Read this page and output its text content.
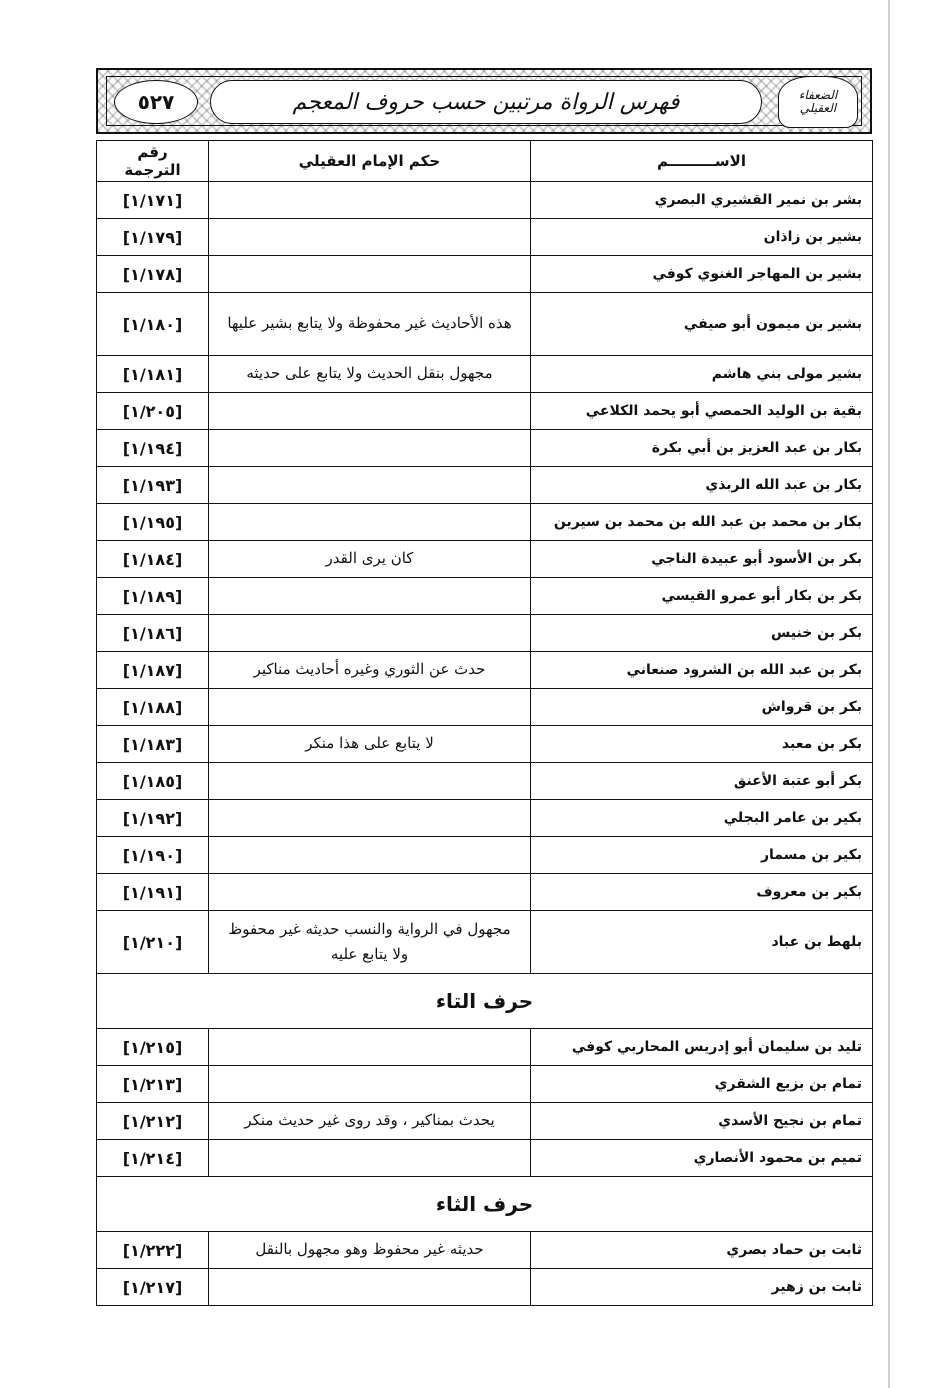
٥٢٧	فهرس الرواة مرتبين حسب حروف المعجم	الضعفاء العقيلي
رقم الترجمة	حكم الإمام العقيلي	الاســـــــــم
[١/١٧١]		بشر بن نمير القشيري البصري
[١/١٧٩]		بشير بن زاذان
[١/١٧٨]		بشير بن المهاجر الغنوي كوفي
[١/١٨٠]	هذه الأحاديث غير محفوظة ولا يتابع بشير عليها	بشير بن ميمون أبو صيفي
[١/١٨١]	مجهول بنقل الحديث ولا يتابع على حديثه	بشير مولى بني هاشم
[١/٢٠٥]		بقية بن الوليد الحمصي أبو يحمد الكلاعي
[١/١٩٤]		بكار بن عبد العزيز بن أبي بكرة
[١/١٩٣]		بكار بن عبد الله الربذي
[١/١٩٥]		بكار بن محمد بن عبد الله بن محمد بن سيرين
[١/١٨٤]	كان يرى القدر	بكر بن الأسود أبو عبيدة الناجي
[١/١٨٩]		بكر بن بكار أبو عمرو القيسي
[١/١٨٦]		بكر بن خنيس
[١/١٨٧]	حدث عن الثوري وغيره أحاديث مناكير	بكر بن عبد الله بن الشرود صنعاني
[١/١٨٨]		بكر بن قرواش
[١/١٨٣]	لا يتابع على هذا منكر	بكر بن معبد
[١/١٨٥]		بكر أبو عتبة الأعنق
[١/١٩٢]		بكير بن عامر البجلي
[١/١٩٠]		بكير بن مسمار
[١/١٩١]		بكير بن معروف
[١/٢١٠]	مجهول في الرواية والنسب حديثه غير محفوظ ولا يتابع عليه	بلهط بن عباد
حرف التاء		
[١/٢١٥]		تليد بن سليمان أبو إدريس المحاربي كوفي
[١/٢١٣]		تمام بن بزيع الشقري
[١/٢١٢]	يحدث بمناكير ، وقد روى غير حديث منكر	تمام بن نجيح الأسدي
[١/٢١٤]		تميم بن محمود الأنصاري
حرف الثاء		
[١/٢٢٢]	حديثه غير محفوظ وهو مجهول بالنقل	ثابت بن حماد بصري
[١/٢١٧]		ثابت بن زهير
